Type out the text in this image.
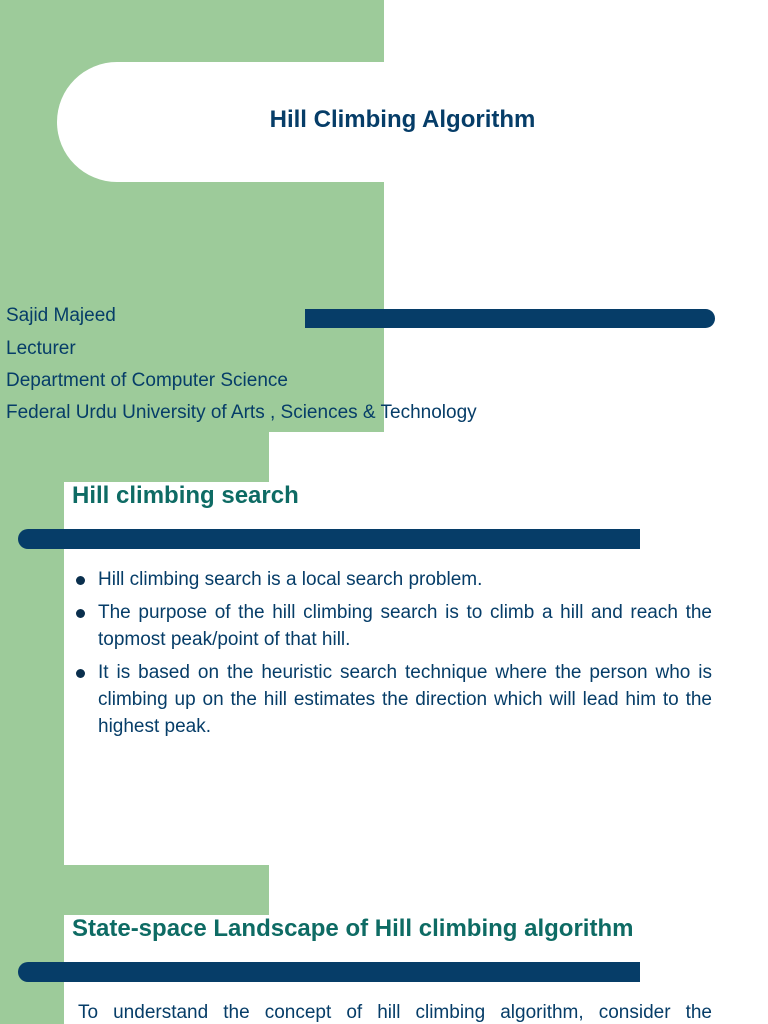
Hill Climbing Algorithm
Sajid Majeed
Lecturer
Department of Computer Science
Federal Urdu University of Arts , Sciences & Technology
Hill climbing search
Hill climbing search is a local search problem.
The purpose of the hill climbing search is to climb a hill and reach the topmost peak/point of that hill.
It is based on the heuristic search technique where the person who is climbing up on the hill estimates the direction which will lead him to the highest peak.
State-space Landscape of Hill climbing algorithm
To understand the concept of hill climbing algorithm, consider the
